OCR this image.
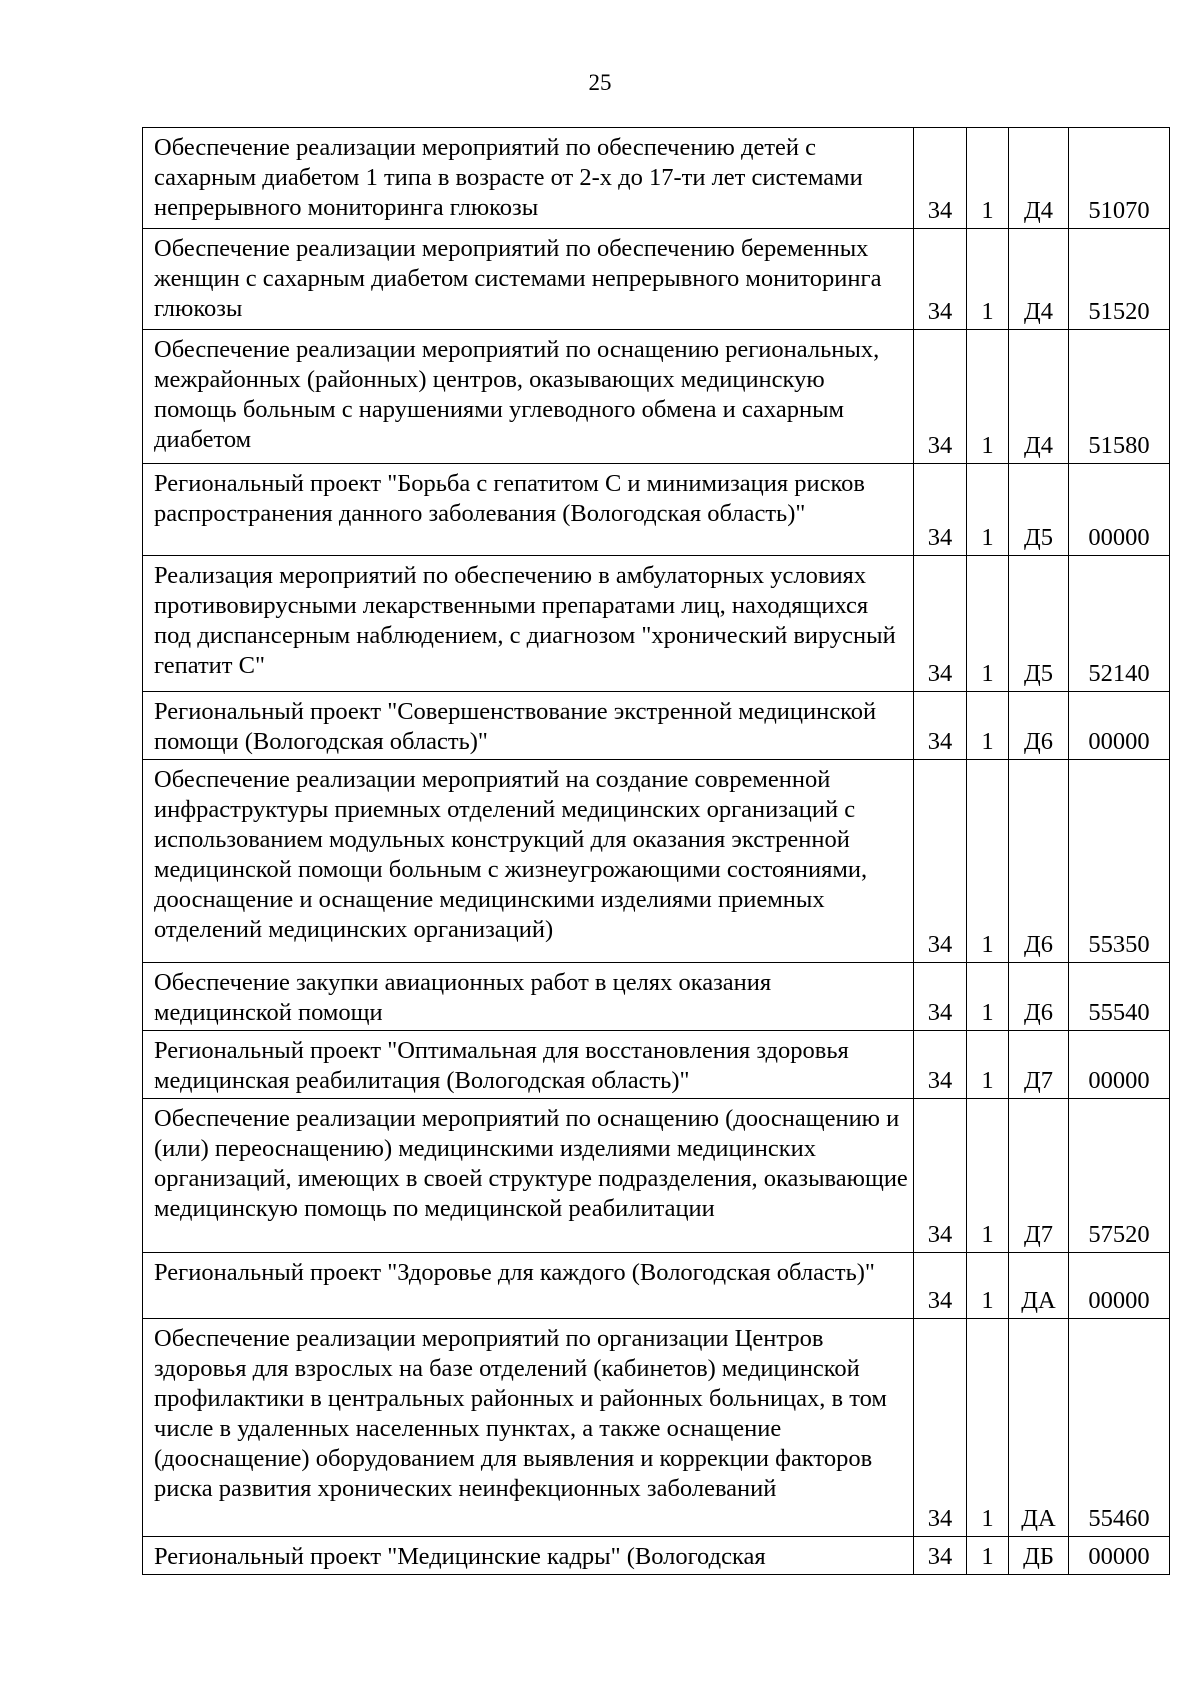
25
Обеспечение реализации мероприятий по обеспечению детей с сахарным диабетом 1 типа в возрасте от 2-х до 17-ти лет системами непрерывного мониторинга глюкозы	34	1	Д4	51070
Обеспечение реализации мероприятий по обеспечению беременных женщин с сахарным диабетом системами непрерывного мониторинга глюкозы	34	1	Д4	51520
Обеспечение реализации мероприятий по оснащению региональных, межрайонных (районных) центров, оказывающих медицинскую помощь больным с нарушениями углеводного обмена и сахарным диабетом	34	1	Д4	51580
Региональный проект "Борьба с гепатитом С и минимизация рисков распространения данного заболевания (Вологодская область)"	34	1	Д5	00000
Реализация мероприятий по обеспечению в амбулаторных условиях противовирусными лекарственными препаратами лиц, находящихся под диспансерным наблюдением, с диагнозом "хронический вирусный гепатит С"	34	1	Д5	52140
Региональный проект "Совершенствование экстренной медицинской помощи (Вологодская область)"	34	1	Д6	00000
Обеспечение реализации мероприятий на создание современной инфраструктуры приемных отделений медицинских организаций с использованием модульных конструкций для оказания экстренной медицинской помощи больным с жизнеугрожающими состояниями, дооснащение и оснащение медицинскими изделиями приемных отделений медицинских организаций)	34	1	Д6	55350
Обеспечение закупки авиационных работ в целях оказания медицинской помощи	34	1	Д6	55540
Региональный проект "Оптимальная для восстановления здоровья медицинская реабилитация (Вологодская область)"	34	1	Д7	00000
Обеспечение реализации мероприятий по оснащению (дооснащению и (или) переоснащению) медицинскими изделиями медицинских организаций, имеющих в своей структуре подразделения, оказывающие медицинскую помощь по медицинской реабилитации	34	1	Д7	57520
Региональный проект "Здоровье для каждого (Вологодская область)"	34	1	ДА	00000
Обеспечение реализации мероприятий по организации Центров здоровья для взрослых на базе отделений (кабинетов) медицинской профилактики в центральных районных и районных больницах, в том числе в удаленных населенных пунктах, а также оснащение (дооснащение) оборудованием для выявления и коррекции факторов риска развития хронических неинфекционных заболеваний	34	1	ДА	55460
Региональный проект "Медицинские кадры" (Вологодская	34	1	ДБ	00000
